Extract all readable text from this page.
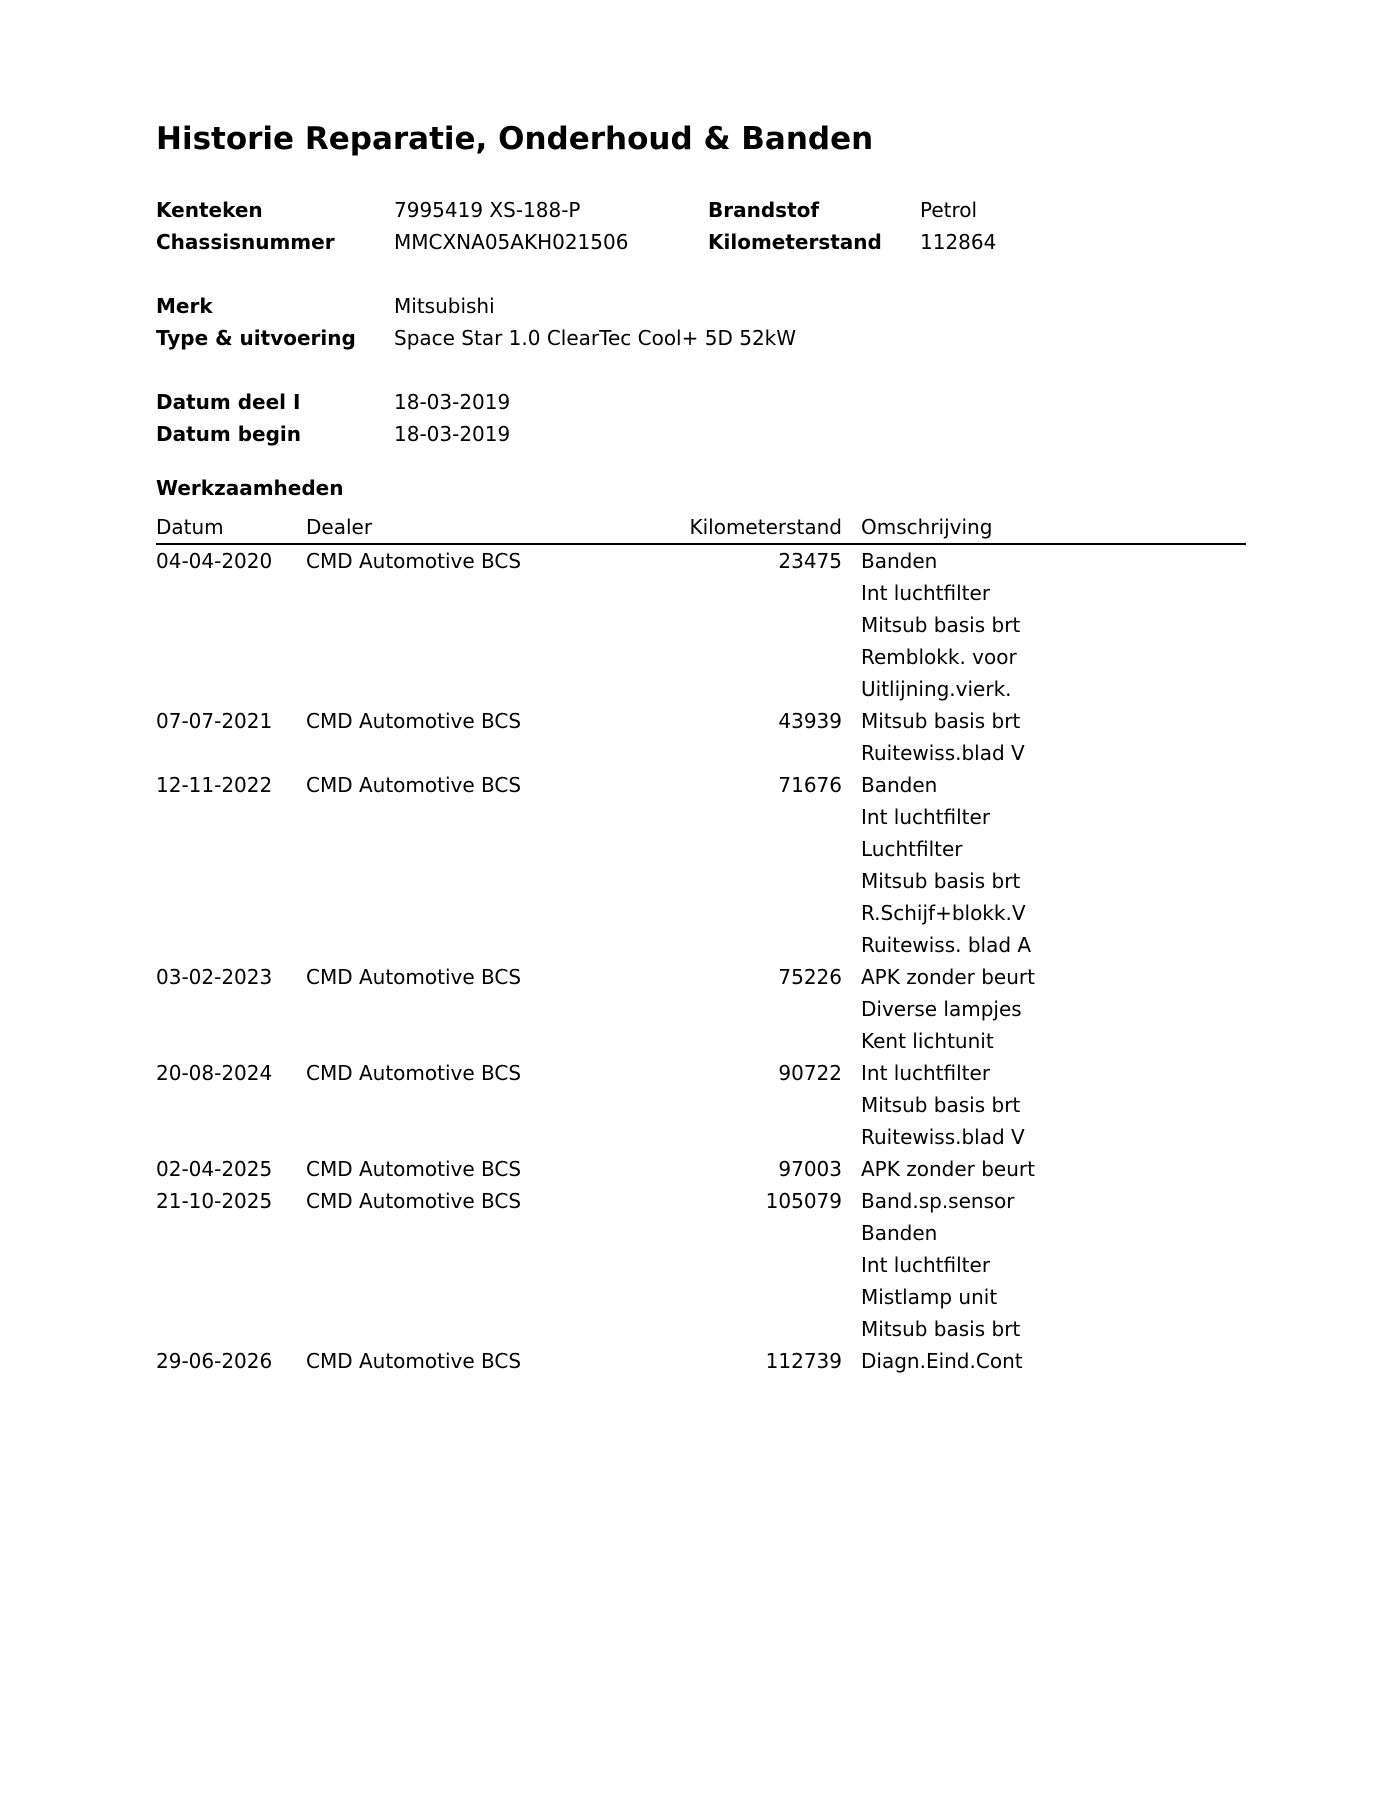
Historie Reparatie, Onderhoud & Banden
Kenteken	7995419 XS-188-P	Brandstof	Petrol
Chassisnummer	MMCXNA05AKH021506	Kilometerstand 112864
Merk	Mitsubishi
Type & uitvoering Space Star 1.0 ClearTec Cool+ 5D 52kW
Datum deel I	18-03-2019
Datum begin	18-03-2019
Werkzaamheden
Datum	Dealer	Kilometerstand Omschrijving
04-04-2020 CMD Automotive BCS	23475 Banden
Int luchtfilter
Mitsub basis brt
Remblokk. voor
Uitlijning.vierk.
07-07-2021 CMD Automotive BCS	43939 Mitsub basis brt
Ruitewiss.blad V
12-11-2022 CMD Automotive BCS	71676 Banden
Int luchtfilter
Luchtfilter
Mitsub basis brt
R.Schijf+blokk.V
Ruitewiss. blad A
03-02-2023 CMD Automotive BCS	75226 APK zonder beurt
Diverse lampjes
Kent lichtunit
20-08-2024 CMD Automotive BCS	90722 Int luchtfilter
Mitsub basis brt
Ruitewiss.blad V
02-04-2025 CMD Automotive BCS	97003 APK zonder beurt
21-10-2025 CMD Automotive BCS	105079 Band.sp.sensor
Banden
Int luchtfilter
Mistlamp unit
Mitsub basis brt
29-06-2026 CMD Automotive BCS	112739 Diagn.Eind.Cont
